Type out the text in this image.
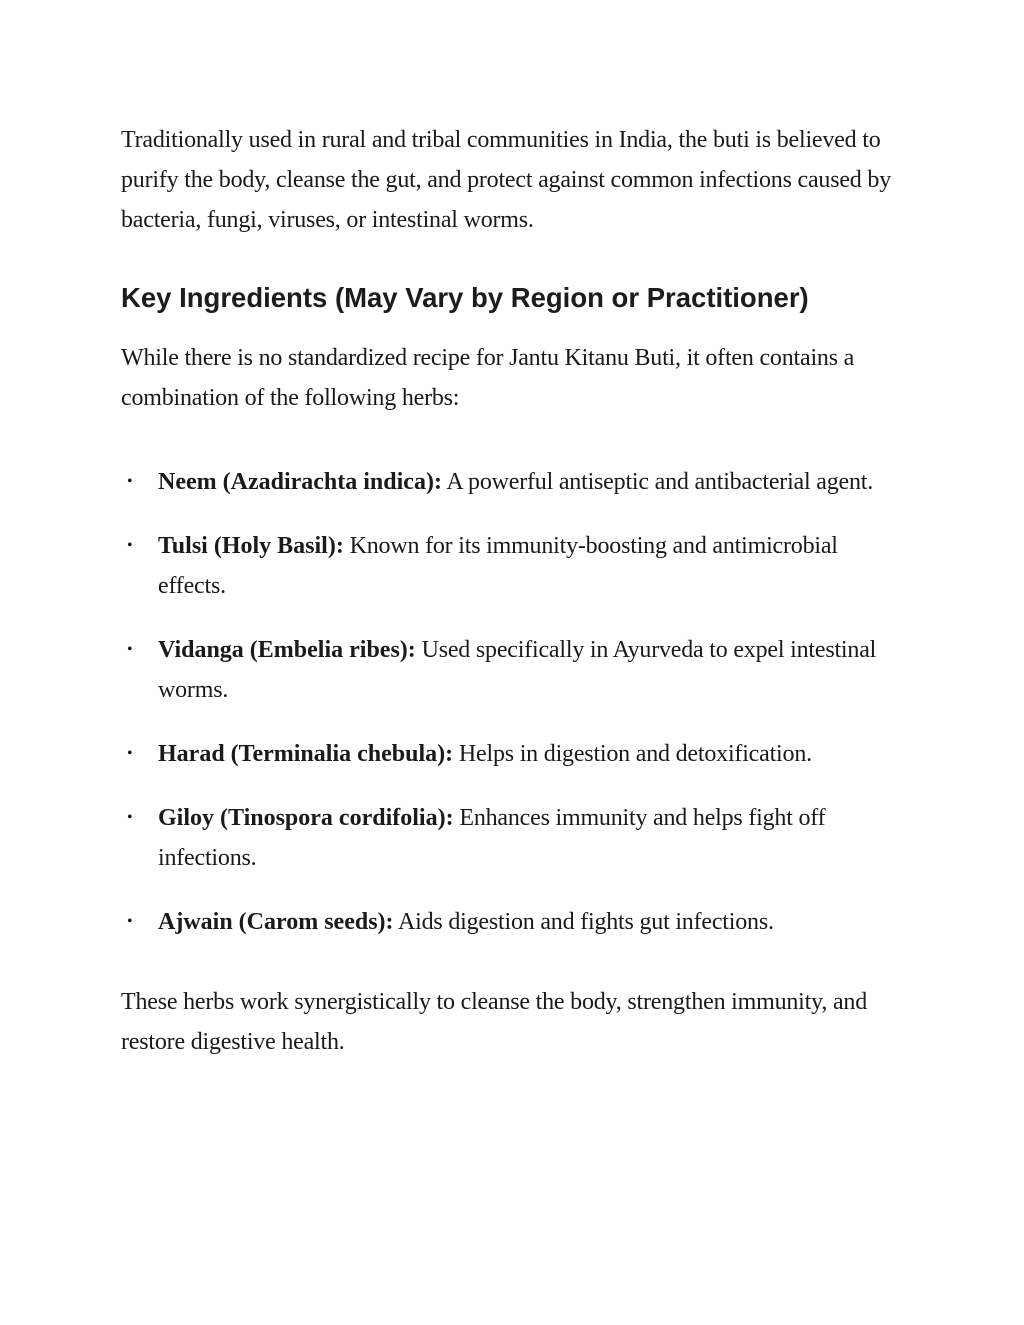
Traditionally used in rural and tribal communities in India, the buti is believed to purify the body, cleanse the gut, and protect against common infections caused by bacteria, fungi, viruses, or intestinal worms.

Key Ingredients (May Vary by Region or Practitioner)

While there is no standardized recipe for Jantu Kitanu Buti, it often contains a combination of the following herbs:

• Neem (Azadirachta indica): A powerful antiseptic and antibacterial agent.
• Tulsi (Holy Basil): Known for its immunity-boosting and antimicrobial effects.
• Vidanga (Embelia ribes): Used specifically in Ayurveda to expel intestinal worms.
• Harad (Terminalia chebula): Helps in digestion and detoxification.
• Giloy (Tinospora cordifolia): Enhances immunity and helps fight off infections.
• Ajwain (Carom seeds): Aids digestion and fights gut infections.

These herbs work synergistically to cleanse the body, strengthen immunity, and restore digestive health.
